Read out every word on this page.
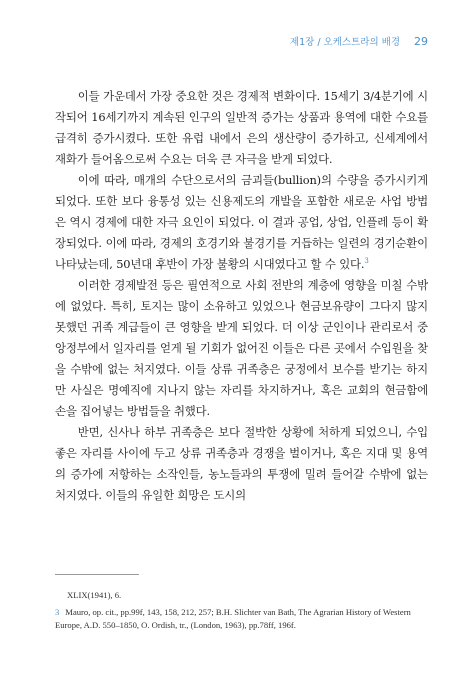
제1장 / 오케스트라의 배경 29

이들 가운데서 가장 중요한 것은 경제적 변화이다. 15세기 3/4분기에 시작되어 16세기까지 계속된 인구의 일반적 증가는 상품과 용역에 대한 수요를 급격히 증가시켰다. 또한 유럽 내에서 은의 생산량이 증가하고, 신세계에서 재화가 들어옴으로써 수요는 더욱 큰 자극을 받게 되었다.

이에 따라, 매개의 수단으로서의 금괴들(bullion)의 수량을 증가시키게 되었다. 또한 보다 융통성 있는 신용제도의 개발을 포함한 새로운 사업 방법은 역시 경제에 대한 자극 요인이 되었다. 이 결과 공업, 상업, 인플레 등이 확장되었다. 이에 따라, 경제의 호경기와 불경기를 거듭하는 일련의 경기순환이 나타났는데, 50년대 후반이 가장 불황의 시대였다고 할 수 있다.$^3$

이러한 경제발전 등은 필연적으로 사회 전반의 계층에 영향을 미칠 수밖에 없었다. 특히, 토지는 많이 소유하고 있었으나 현금보유량이 그다지 많지 못했던 귀족 계급들이 큰 영향을 받게 되었다. 더 이상 군인이나 관리로서 중앙정부에서 일자리를 얻게 될 기회가 없어진 이들은 다른 곳에서 수입원을 찾을 수밖에 없는 처지였다. 이들 상류 귀족층은 궁정에서 보수를 받기는 하지만 사실은 명예직에 지나지 않는 자리를 차지하거나, 혹은 교회의 현금함에 손을 집어넣는 방법들을 취했다.

반면, 신사나 하부 귀족층은 보다 절박한 상황에 처하게 되었으니, 수입 좋은 자리를 사이에 두고 상류 귀족층과 경쟁을 벌이거나, 혹은 지대 및 용역의 증가에 저항하는 소작인들, 농노들과의 투쟁에 밀려 들어갈 수밖에 없는 처지였다. 이들의 유일한 희망은 도시의

XLIX(1941), 6.

3 Mauro, op. cit., pp.99f, 143, 158, 212, 257; B.H. Slichter van Bath, The Agrarian History of Western Europe, A.D. 550–1850, O. Ordish, tr., (London, 1963), pp.78ff, 196f.
